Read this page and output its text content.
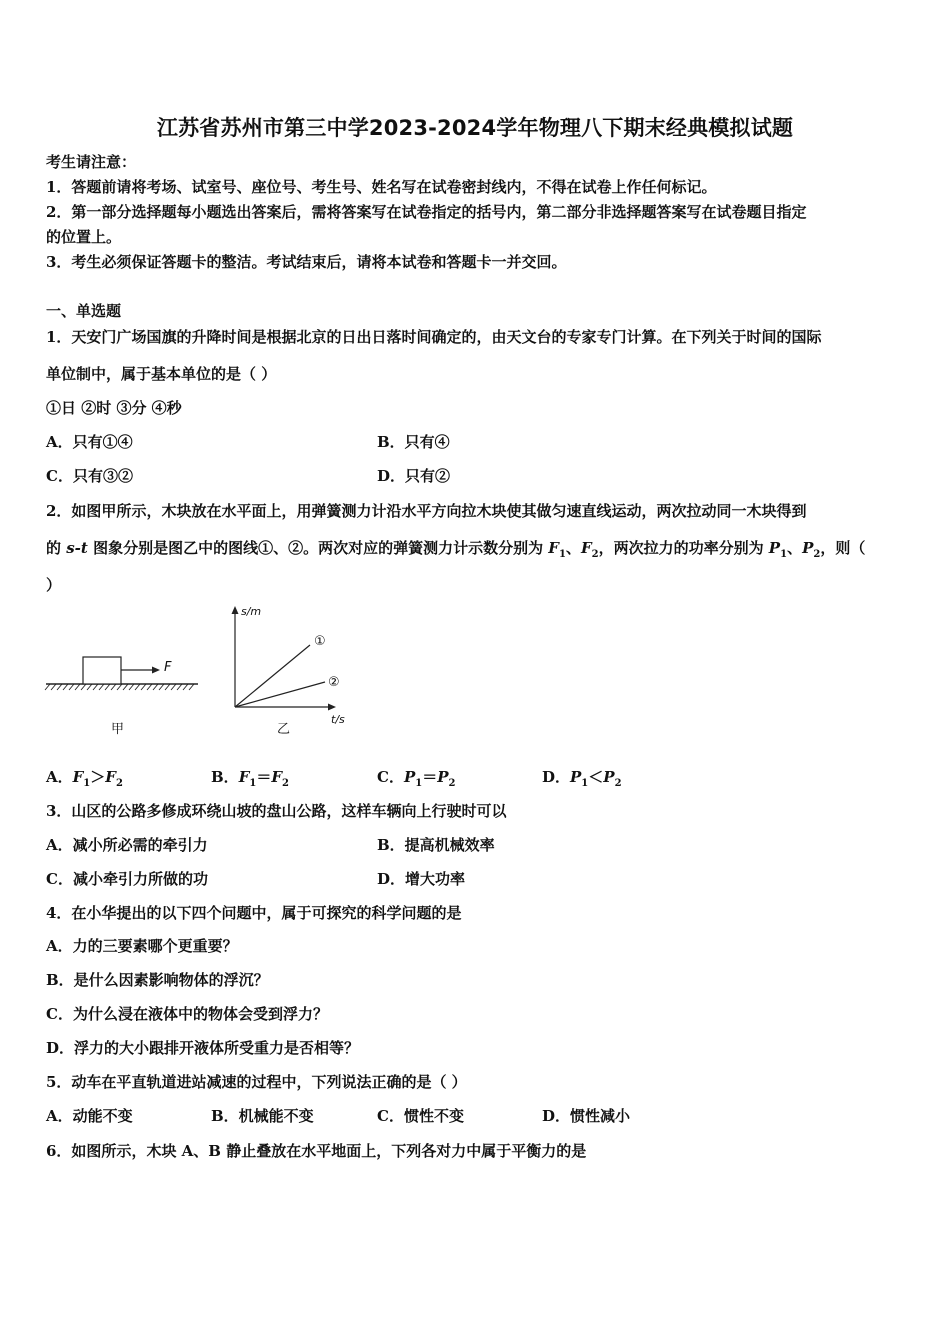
江苏省苏州市第三中学2023-2024学年物理八下期末经典模拟试题
考生请注意：
1．答题前请将考场、试室号、座位号、考生号、姓名写在试卷密封线内，不得在试卷上作任何标记。
2．第一部分选择题每小题选出答案后，需将答案写在试卷指定的括号内，第二部分非选择题答案写在试卷题目指定
的位置上。
3．考生必须保证答题卡的整洁。考试结束后，请将本试卷和答题卡一并交回。
一、单选题
1．天安门广场国旗的升降时间是根据北京的日出日落时间确定的，由天文台的专家专门计算。在下列关于时间的国际
单位制中，属于基本单位的是（ ）
①日 ②时 ③分 ④秒
A．只有①④	B．只有④
C．只有③②	D．只有②
2．如图甲所示，木块放在水平面上，用弹簧测力计沿水平方向拉木块使其做匀速直线运动，两次拉动同一木块得到
的 s-t 图象分别是图乙中的图线①、②。两次对应的弹簧测力计示数分别为 $F_1$、$F_2$，两次拉力的功率分别为 $P_1$、$P_2$，则（
）
F
甲	乙
s/m
t/s
①
②
A．$F_1>F_2$	B．$F_1=F_2$	C．$P_1=P_2$	D．$P_1<P_2$
3．山区的公路多修成环绕山坡的盘山公路，这样车辆向上行驶时可以
A．减小所必需的牵引力	B．提高机械效率
C．减小牵引力所做的功	D．增大功率
4．在小华提出的以下四个问题中，属于可探究的科学问题的是
A．力的三要素哪个更重要？
B．是什么因素影响物体的浮沉？
C．为什么浸在液体中的物体会受到浮力？
D．浮力的大小跟排开液体所受重力是否相等？
5．动车在平直轨道进站减速的过程中，下列说法正确的是（ ）
A．动能不变	B．机械能不变	C．惯性不变	D．惯性减小
6．如图所示，木块 A、B 静止叠放在水平地面上，下列各对力中属于平衡力的是
